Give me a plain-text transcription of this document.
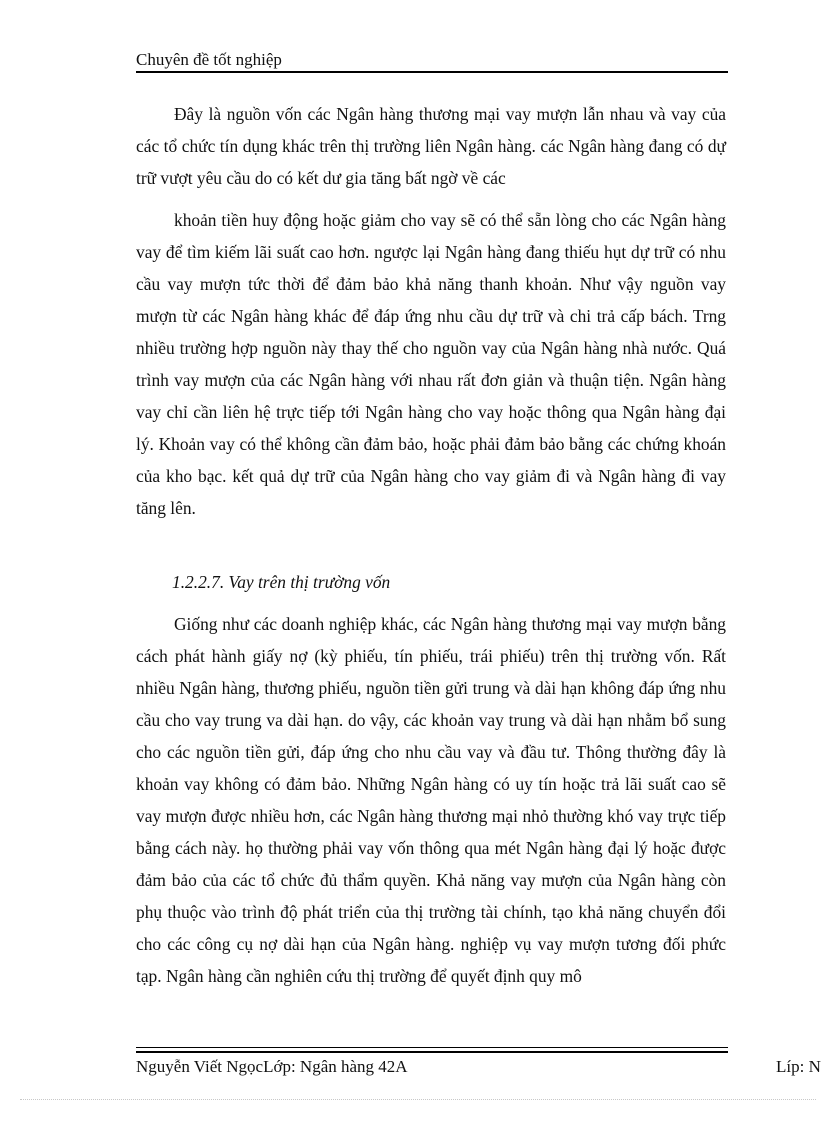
Chuyên đề tốt nghiệp

Đây là nguồn vốn các Ngân hàng thương mại vay mượn lẫn nhau và vay của các tổ chức tín dụng khác trên thị trường liên Ngân hàng. các Ngân hàng đang có dự trữ vượt yêu cầu do có kết dư gia tăng bất ngờ về các

khoản tiền huy động hoặc giảm cho vay sẽ có thể sẵn lòng cho các Ngân hàng vay để tìm kiếm lãi suất cao hơn. ngược lại Ngân hàng đang thiếu hụt dự trữ có nhu cầu vay mượn tức thời để đảm bảo khả năng thanh khoản. Như vậy nguồn vay mượn từ các Ngân hàng khác để đáp ứng nhu cầu dự trữ và chi trả cấp bách. Trng nhiều trường hợp nguồn này thay thế cho nguồn vay của Ngân hàng nhà nước. Quá trình vay mượn của các Ngân hàng với nhau rất đơn giản và thuận tiện. Ngân hàng vay chỉ cần liên hệ trực tiếp tới Ngân hàng cho vay hoặc thông qua Ngân hàng đại lý. Khoản vay có thể không cần đảm bảo, hoặc phải đảm bảo bằng các chứng khoán của kho bạc. kết quả dự trữ của Ngân hàng cho vay giảm đi và Ngân hàng đi vay tăng lên.

1.2.2.7. Vay trên thị trường vốn

Giống như các doanh nghiệp khác, các Ngân hàng thương mại vay mượn bằng cách phát hành giấy nợ (kỳ phiếu, tín phiếu, trái phiếu) trên thị trường vốn. Rất nhiều Ngân hàng, thương phiếu, nguồn tiền gửi trung và dài hạn không đáp ứng nhu cầu cho vay trung va dài hạn. do vậy, các khoản vay trung và dài hạn nhằm bổ sung cho các nguồn tiền gửi, đáp ứng cho nhu cầu vay và đầu tư. Thông thường đây là khoản vay không có đảm bảo. Những Ngân hàng có uy tín hoặc trả lãi suất cao sẽ vay mượn được nhiều hơn, các Ngân hàng thương mại nhỏ thường khó vay trực tiếp bằng cách này. họ thường phải vay vốn thông qua mét Ngân hàng đại lý hoặc được đảm bảo của các tổ chức đủ thẩm quyền. Khả năng vay mượn của Ngân hàng còn phụ thuộc vào trình độ phát triển của thị trường tài chính, tạo khả năng chuyển đổi cho các công cụ nợ dài hạn của Ngân hàng. nghiệp vụ vay mượn tương đối phức tạp. Ngân hàng cần nghiên cứu thị trường để quyết định quy mô

Nguyễn Viết NgọcLớp: Ngân hàng 42A	Líp: N
